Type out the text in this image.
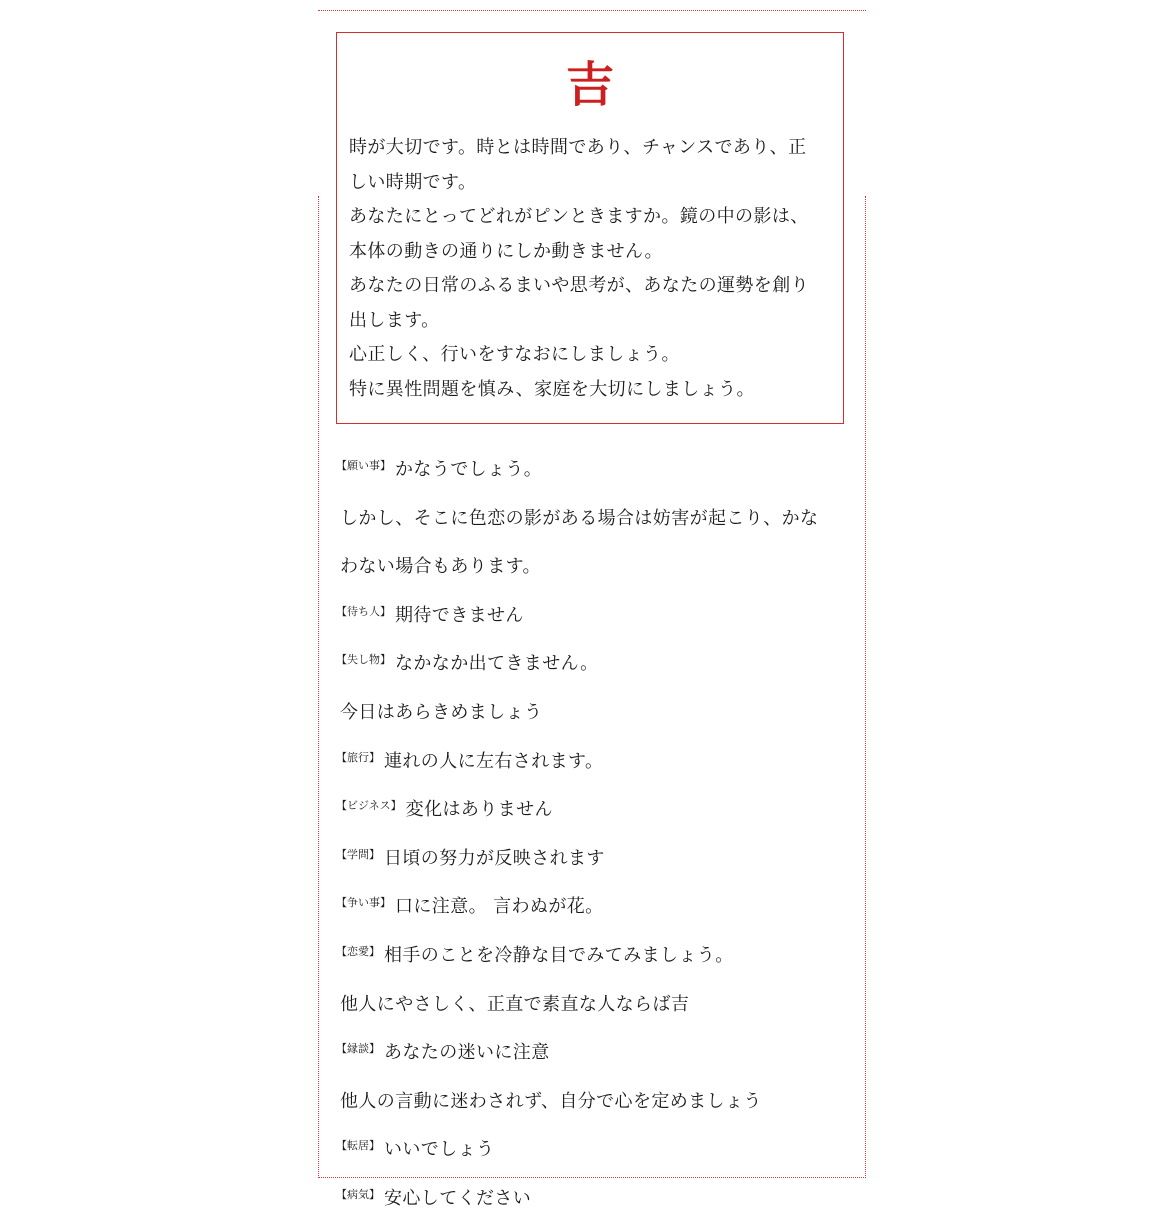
吉

時が大切です。時とは時間であり、チャンスであり、正

しい時期です。

あなたにとってどれがピンときますか。鏡の中の影は、

本体の動きの通りにしか動きません。

あなたの日常のふるまいや思考が、あなたの運勢を創り

出します。

心正しく、行いをすなおにしましょう。

特に異性問題を慎み、家庭を大切にしましょう。

$^{【願い事】}$ かなうでしょう。
しかし、そこに色恋の影がある場合は妨害が起こり、かな
わない場合もあります。
$^{【待ち人】}$ 期待できません
$^{【失し物】}$ なかなか出てきません。
今日はあらきめましょう
$^{【旅行】}$ 連れの人に左右されます。
$^{【ビジネス】}$ 変化はありません
$^{【学問】}$ 日頃の努力が反映されます
$^{【争い事】}$ 口に注意。 言わぬが花。
$^{【恋愛】}$ 相手のことを冷静な目でみてみましょう。
他人にやさしく、正直で素直な人ならば吉
$^{【縁談】}$ あなたの迷いに注意
他人の言動に迷わされず、自分で心を定めましょう
$^{【転居】}$ いいでしょう
$^{【病気】}$ 安心してください
